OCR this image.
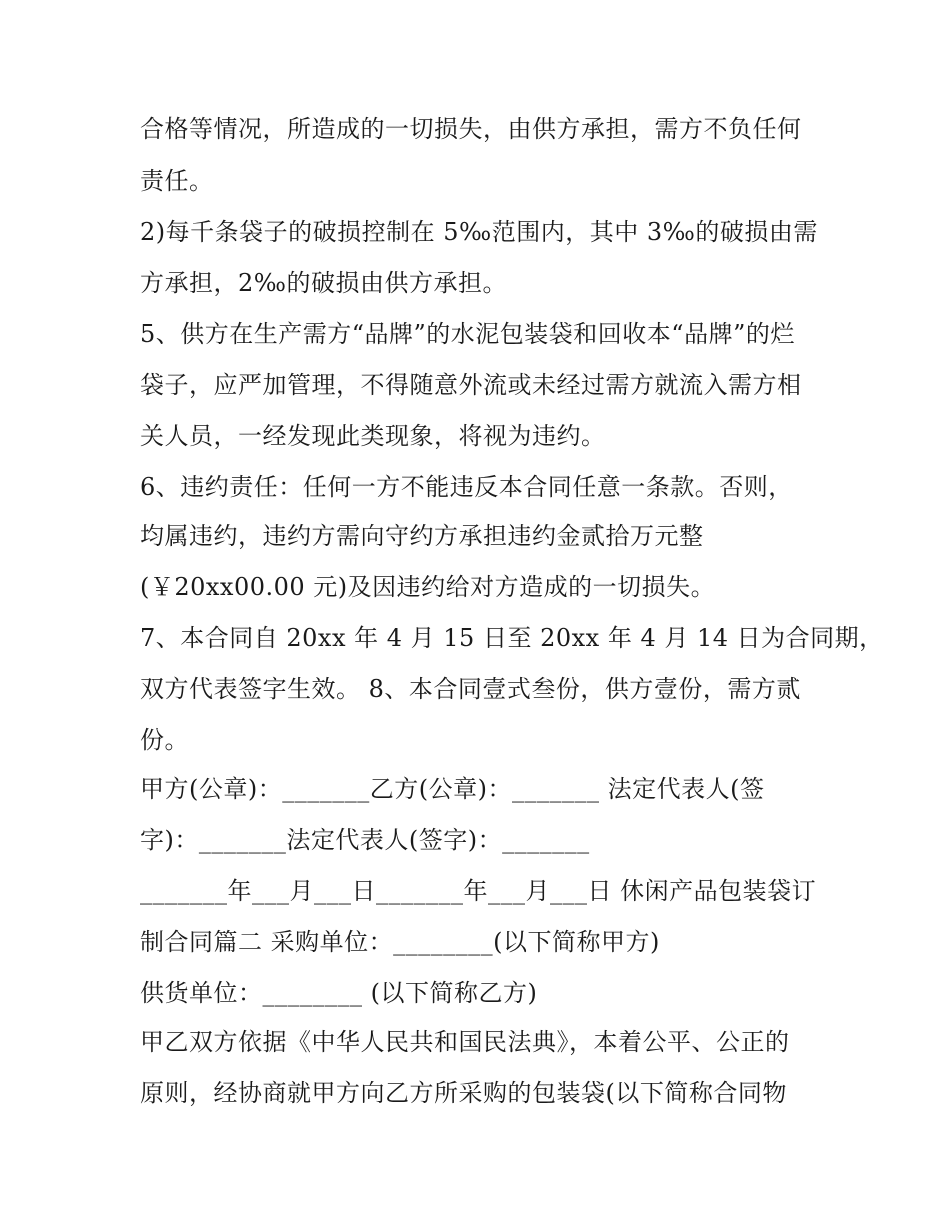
合格等情况，所造成的一切损失，由供方承担，需方不负任何
责任。
2)每千条袋子的破损控制在 5‰范围内，其中 3‰的破损由需
方承担，2‰的破损由供方承担。
5、供方在生产需方“品牌”的水泥包装袋和回收本“品牌”的烂
袋子，应严加管理，不得随意外流或未经过需方就流入需方相
关人员，一经发现此类现象，将视为违约。
6、违约责任：任何一方不能违反本合同任意一条款。否则，
均属违约，违约方需向守约方承担违约金贰拾万元整
(￥20xx00.00 元)及因违约给对方造成的一切损失。
7、本合同自 20xx 年 4 月 15 日至 20xx 年 4 月 14 日为合同期，
双方代表签字生效。 8、本合同壹式叁份，供方壹份，需方贰
份。
甲方(公章)：_______乙方(公章)：_______ 法定代表人(签
字)：_______法定代表人(签字)：_______
_______年___月___日_______年___月___日 休闲产品包装袋订
制合同篇二 采购单位：________(以下简称甲方)
供货单位：________ (以下简称乙方)
甲乙双方依据《中华人民共和国民法典》，本着公平、公正的
原则，经协商就甲方向乙方所采购的包装袋(以下简称合同物
